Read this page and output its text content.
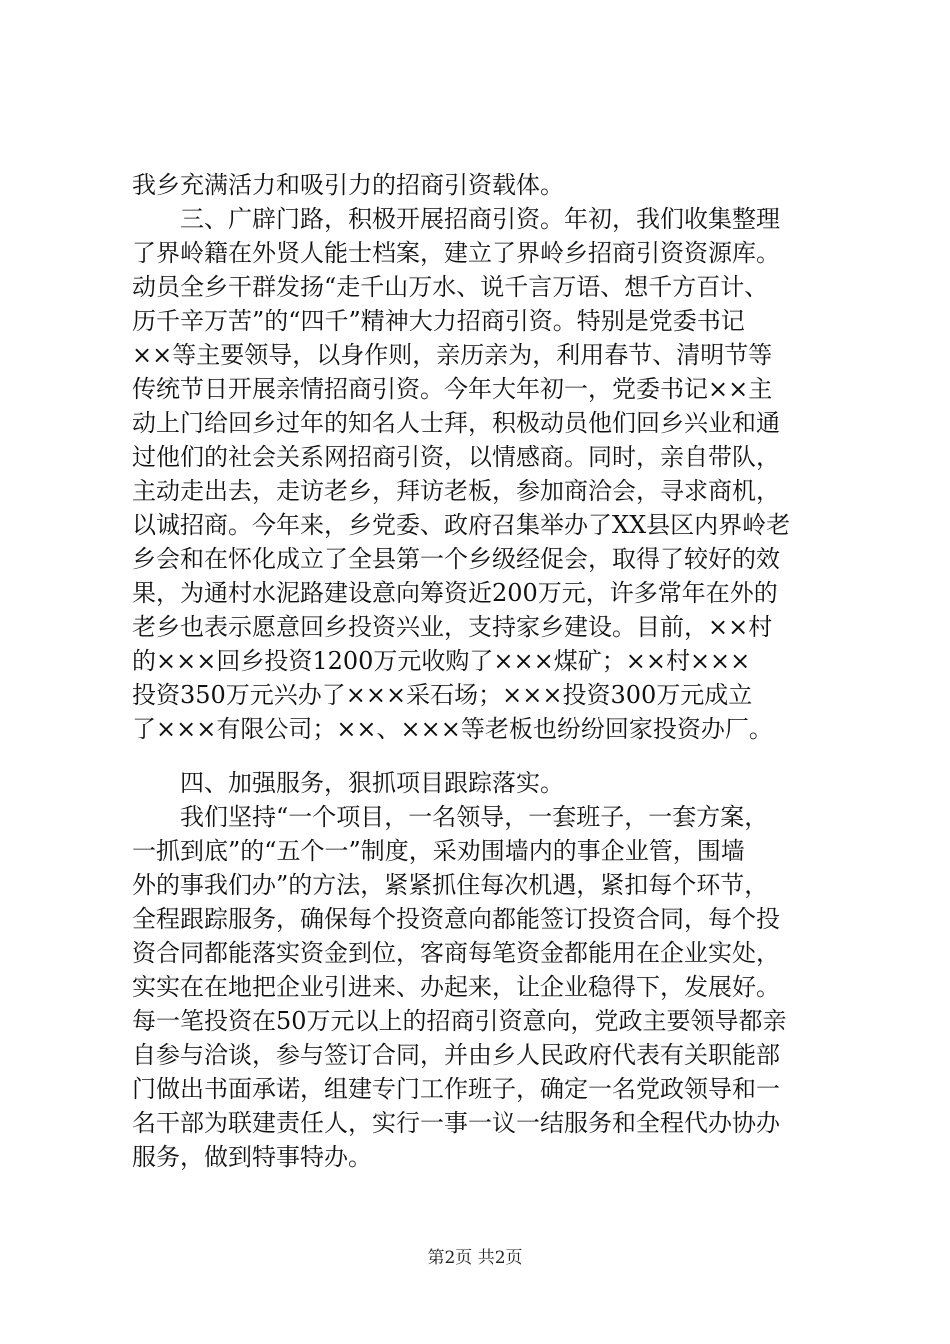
我乡充满活力和吸引力的招商引资载体。
三、广辟门路，积极开展招商引资。年初，我们收集整理
了界岭籍在外贤人能士档案，建立了界岭乡招商引资资源库。
动员全乡干群发扬“走千山万水、说千言万语、想千方百计、
历千辛万苦”的“四千”精神大力招商引资。特别是党委书记
××等主要领导，以身作则，亲历亲为，利用春节、清明节等
传统节日开展亲情招商引资。今年大年初一，党委书记××主
动上门给回乡过年的知名人士拜，积极动员他们回乡兴业和通
过他们的社会关系网招商引资，以情感商。同时，亲自带队，
主动走出去，走访老乡，拜访老板，参加商洽会，寻求商机，
以诚招商。今年来，乡党委、政府召集举办了XX县区内界岭老
乡会和在怀化成立了全县第一个乡级经促会，取得了较好的效
果，为通村水泥路建设意向筹资近200万元，许多常年在外的
老乡也表示愿意回乡投资兴业，支持家乡建设。目前，××村
的×××回乡投资1200万元收购了×××煤矿；××村×××
投资350万元兴办了×××采石场；×××投资300万元成立
了×××有限公司；××、×××等老板也纷纷回家投资办厂。
四、加强服务，狠抓项目跟踪落实。
我们坚持“一个项目，一名领导，一套班子，一套方案，
一抓到底”的“五个一”制度，采劝围墙内的事企业管，围墙
外的事我们办”的方法，紧紧抓住每次机遇，紧扣每个环节，
全程跟踪服务，确保每个投资意向都能签订投资合同，每个投
资合同都能落实资金到位，客商每笔资金都能用在企业实处，
实实在在地把企业引进来、办起来，让企业稳得下，发展好。
每一笔投资在50万元以上的招商引资意向，党政主要领导都亲
自参与洽谈，参与签订合同，并由乡人民政府代表有关职能部
门做出书面承诺，组建专门工作班子，确定一名党政领导和一
名干部为联建责任人，实行一事一议一结服务和全程代办协办
服务，做到特事特办。
第2页 共2页
